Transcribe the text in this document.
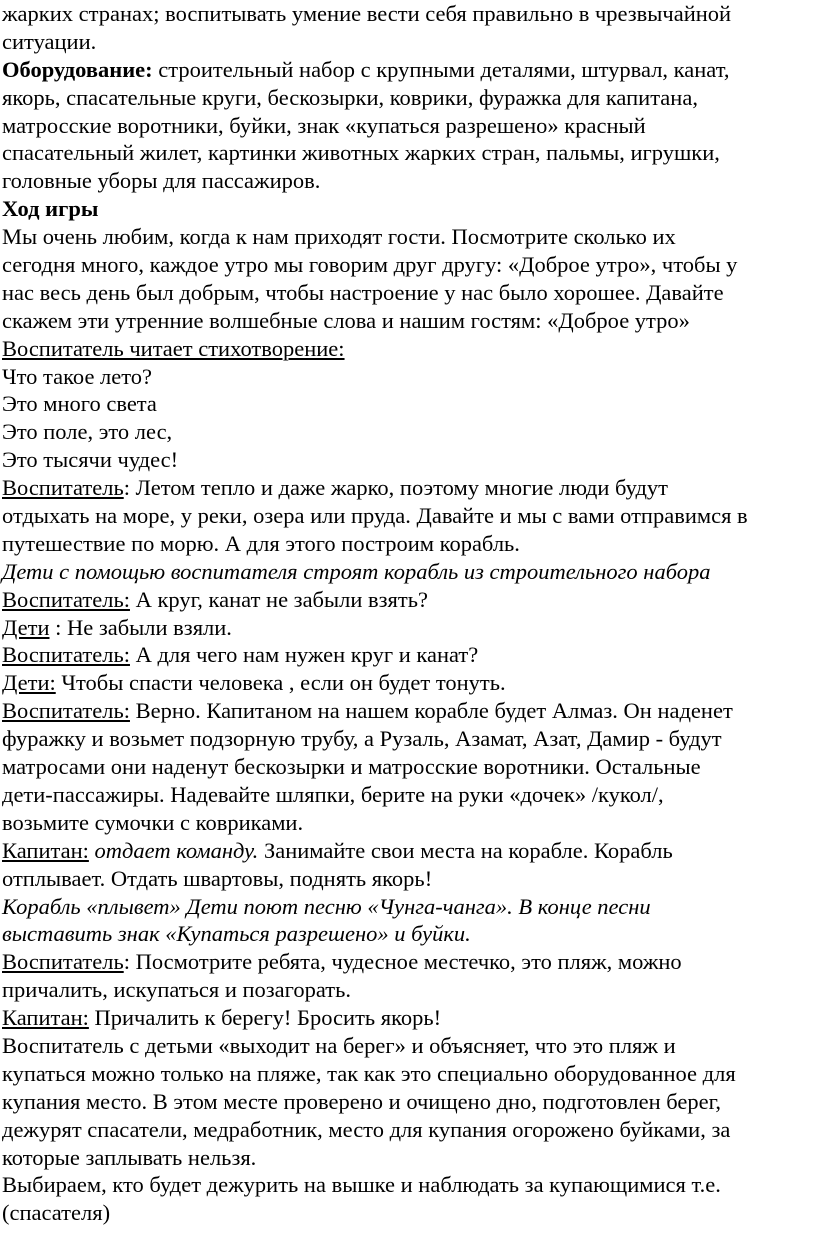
жарких странах; воспитывать умение вести себя правильно в чрезвычайной
ситуации.
Оборудование: строительный набор с крупными деталями, штурвал, канат,
якорь, спасательные круги, бескозырки, коврики, фуражка для капитана,
матросские воротники, буйки, знак «купаться разрешено» красный
спасательный жилет, картинки животных жарких стран, пальмы, игрушки,
головные уборы для пассажиров.
Ход игры
Мы очень любим, когда к нам приходят гости. Посмотрите сколько их
сегодня много, каждое утро мы говорим друг другу: «Доброе утро», чтобы у
нас весь день был добрым, чтобы настроение у нас было хорошее. Давайте
скажем эти утренние волшебные слова и нашим гостям: «Доброе утро»
Воспитатель читает стихотворение:
Что такое лето?
Это много света
Это поле, это лес,
Это тысячи чудес!
Воспитатель: Летом тепло и даже жарко, поэтому многие люди будут
отдыхать на море, у реки, озера или пруда. Давайте и мы с вами отправимся в
путешествие по морю. А для этого построим корабль.
Дети с помощью воспитателя строят корабль из строительного набора
Воспитатель: А круг, канат не забыли взять?
Дети : Не забыли взяли.
Воспитатель: А для чего нам нужен круг и канат?
Дети: Чтобы спасти человека , если он будет тонуть.
Воспитатель: Верно. Капитаном на нашем корабле будет Алмаз. Он наденет
фуражку и возьмет подзорную трубу, а Рузаль, Азамат, Азат, Дамир - будут
матросами они наденут бескозырки и матросские воротники. Остальные
дети-пассажиры. Надевайте шляпки, берите на руки «дочек» /кукол/,
возьмите сумочки с ковриками.
Капитан: отдает команду. Занимайте свои места на корабле. Корабль
отплывает. Отдать швартовы, поднять якорь!
Корабль «плывет» Дети поют песню «Чунга-чанга». В конце песни
выставить знак «Купаться разрешено» и буйки.
Воспитатель: Посмотрите ребята, чудесное местечко, это пляж, можно
причалить, искупаться и позагорать.
Капитан: Причалить к берегу! Бросить якорь!
Воспитатель с детьми «выходит на берег» и объясняет, что это пляж и
купаться можно только на пляже, так как это специально оборудованное для
купания место. В этом месте проверено и очищено дно, подготовлен берег,
дежурят спасатели, медработник, место для купания огорожено буйками, за
которые заплывать нельзя.
Выбираем, кто будет дежурить на вышке и наблюдать за купающимися т.е.
(спасателя)
